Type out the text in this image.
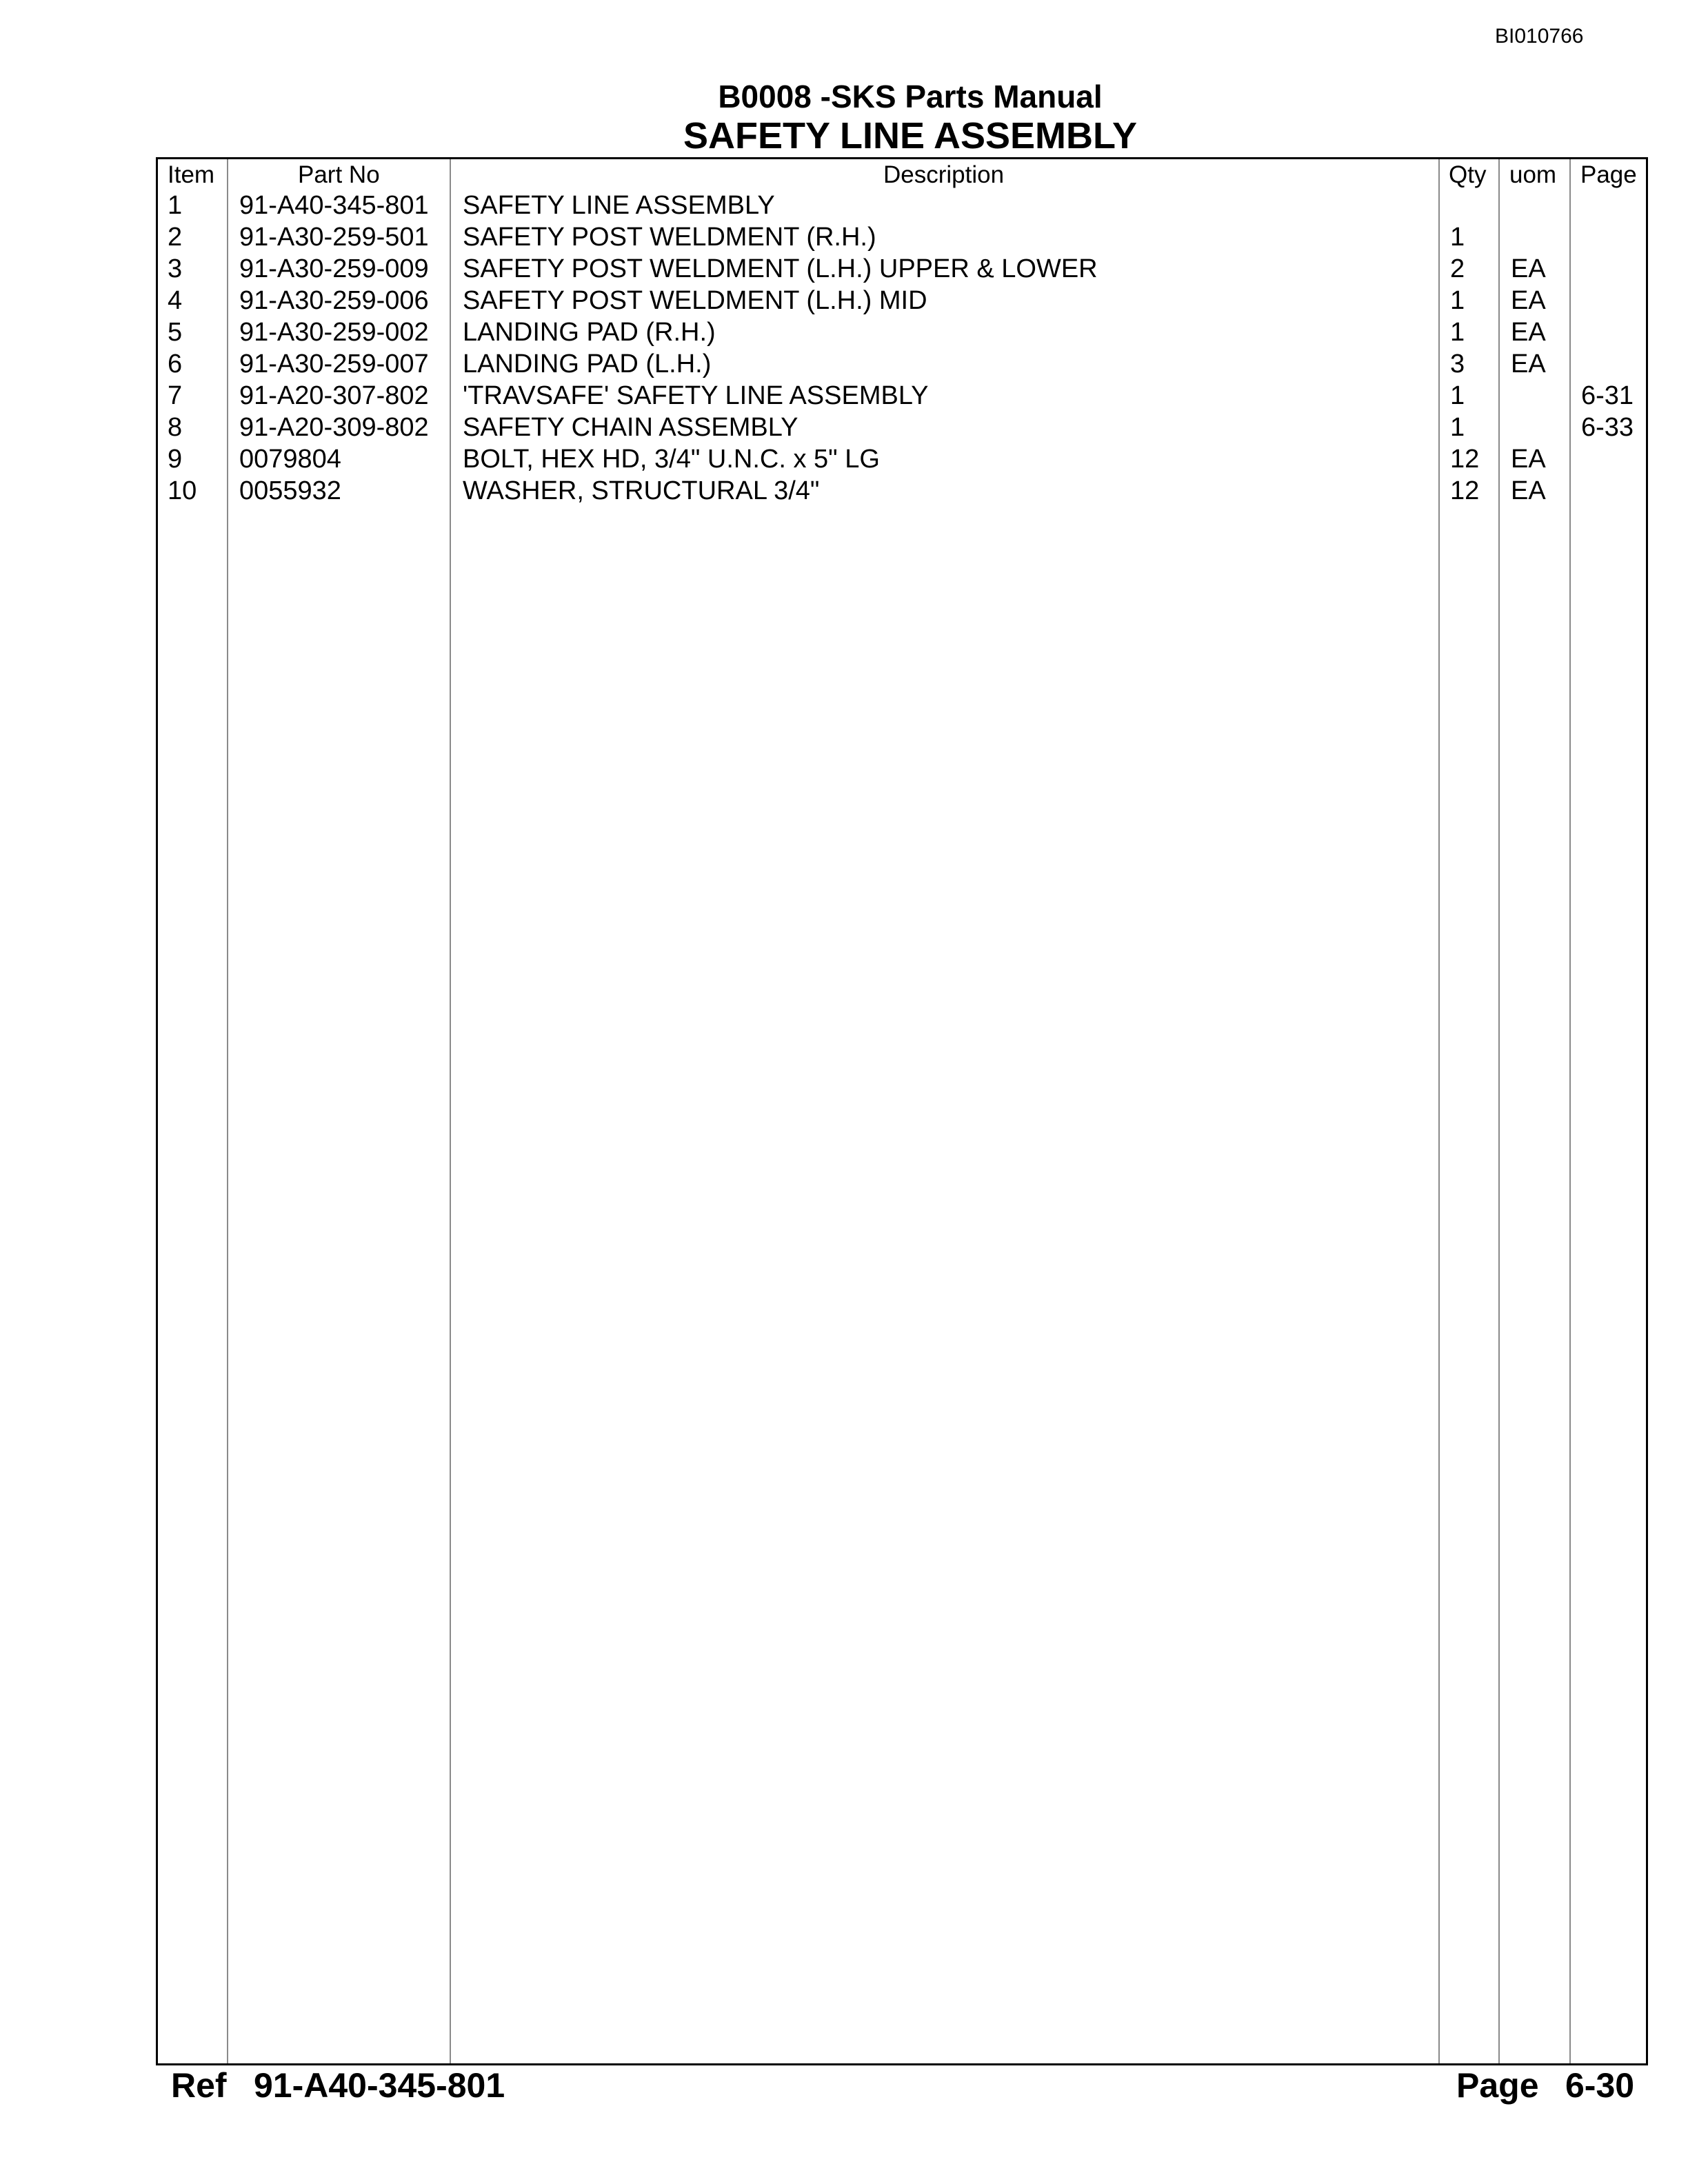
BI010766
B0008 -SKS Parts Manual
SAFETY LINE ASSEMBLY
Item	Part No	Description	Qty uom Page
1 91-A40-345-801 SAFETY LINE ASSEMBLY
2 91-A30-259-501 SAFETY POST WELDMENT (R.H.)	1
3 91-A30-259-009 SAFETY POST WELDMENT (L.H.) UPPER & LOWER	2 EA
4 91-A30-259-006 SAFETY POST WELDMENT (L.H.) MID	1 EA
5 91-A30-259-002 LANDING PAD (R.H.)	1 EA
6 91-A30-259-007 LANDING PAD (L.H.)	3 EA
7 91-A20-307-802 'TRAVSAFE' SAFETY LINE ASSEMBLY	1	6-31
8 91-A20-309-802 SAFETY CHAIN ASSEMBLY	1	6-33
9 0079804	BOLT, HEX HD, 3/4" U.N.C. x 5" LG	12 EA
10 0055932	WASHER, STRUCTURAL 3/4"	12 EA
Ref 91-A40-345-801	Page 6-30
